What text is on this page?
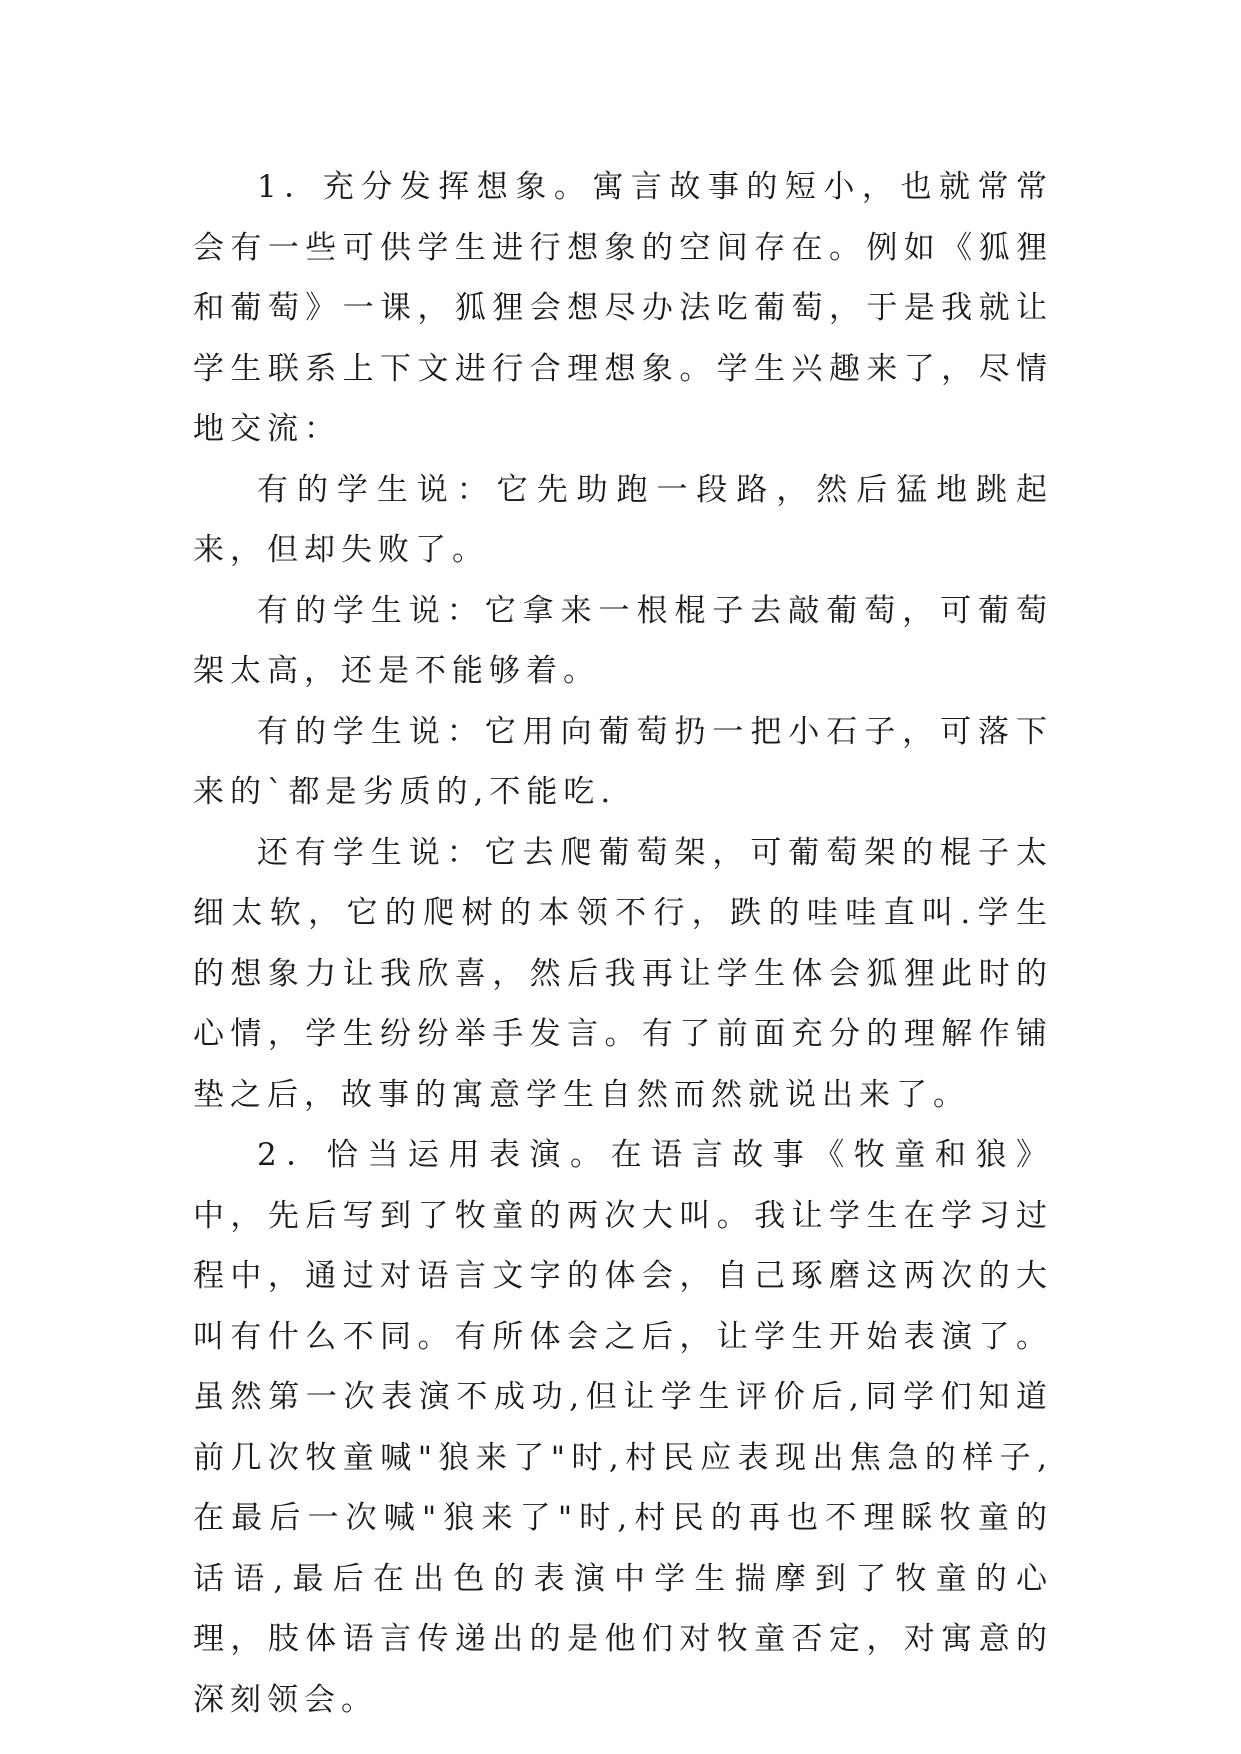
1．充分发挥想象。寓言故事的短小，也就常常会有一些可供学生进行想象的空间存在。例如《狐狸和葡萄》一课，狐狸会想尽办法吃葡萄，于是我就让学生联系上下文进行合理想象。学生兴趣来了，尽情地交流：

有的学生说：它先助跑一段路，然后猛地跳起来，但却失败了。

有的学生说：它拿来一根棍子去敲葡萄，可葡萄架太高，还是不能够着。

有的学生说：它用向葡萄扔一把小石子，可落下来的`都是劣质的,不能吃.

还有学生说：它去爬葡萄架，可葡萄架的棍子太细太软，它的爬树的本领不行，跌的哇哇直叫.学生的想象力让我欣喜，然后我再让学生体会狐狸此时的心情，学生纷纷举手发言。有了前面充分的理解作铺垫之后，故事的寓意学生自然而然就说出来了。

2．恰当运用表演。在语言故事《牧童和狼》中，先后写到了牧童的两次大叫。我让学生在学习过程中，通过对语言文字的体会，自己琢磨这两次的大叫有什么不同。有所体会之后，让学生开始表演了。虽然第一次表演不成功,但让学生评价后,同学们知道前几次牧童喊"狼来了"时,村民应表现出焦急的样子,在最后一次喊"狼来了"时,村民的再也不理睬牧童的话语,最后在出色的表演中学生揣摩到了牧童的心理，肢体语言传递出的是他们对牧童否定，对寓意的深刻领会。
